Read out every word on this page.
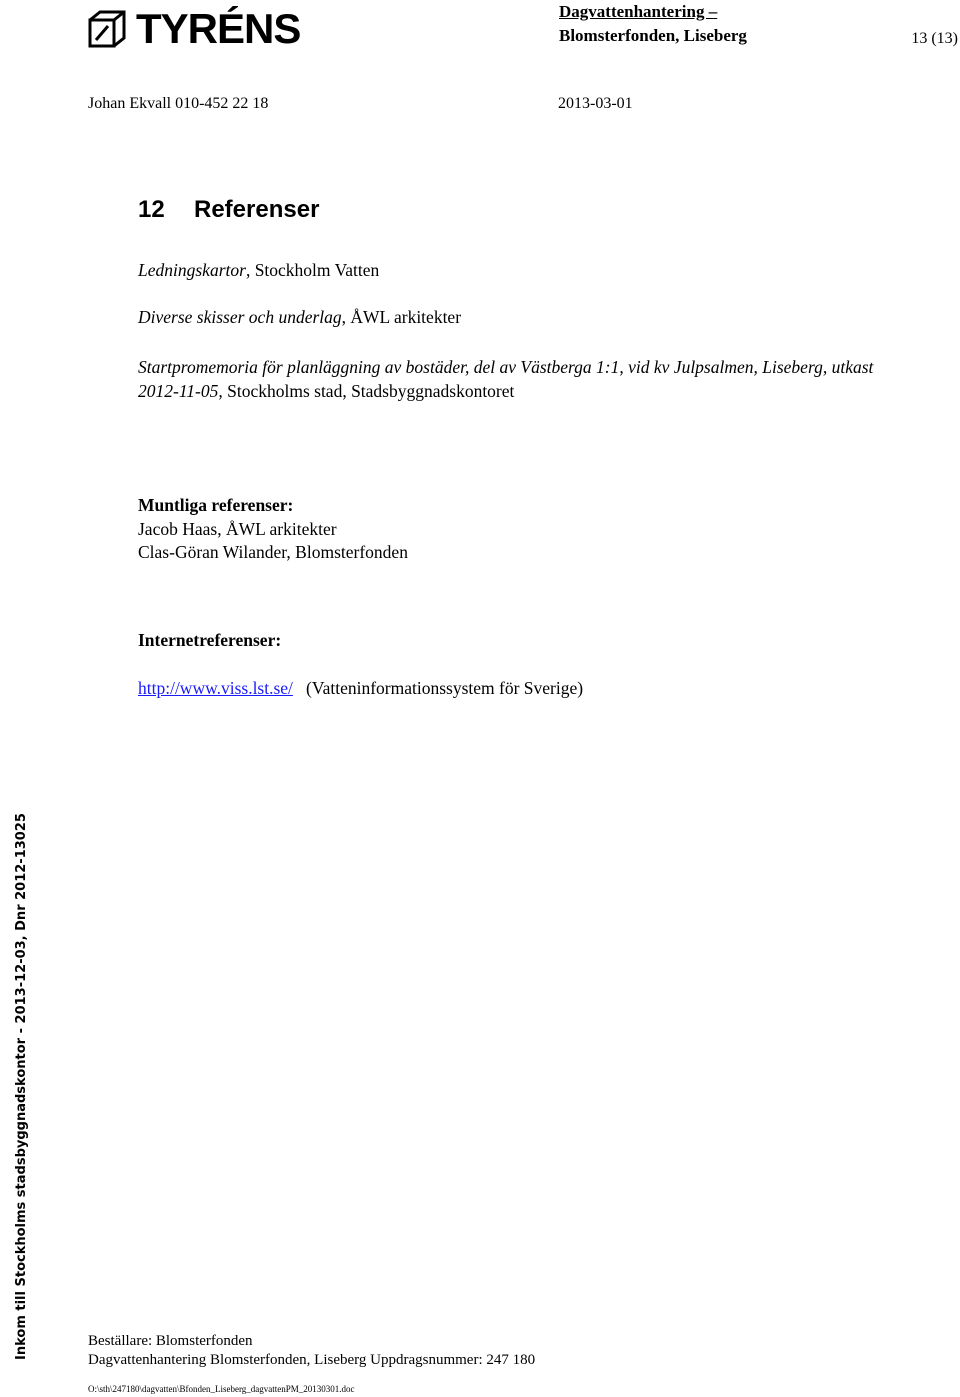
TYRÉNS	Dagvattenhantering –
Blomsterfonden, Liseberg	13 (13)
Johan Ekvall 010-452 22 18	2013-03-01
12 Referenser
Ledningskartor, Stockholm Vatten
Diverse skisser och underlag, ÅWL arkitekter
Startpromemoria för planläggning av bostäder, del av Västberga 1:1, vid kv Julpsalmen, Liseberg, utkast 2012-11-05, Stockholms stad, Stadsbyggnadskontoret
Muntliga referenser:
Jacob Haas, ÅWL arkitekter
Clas-Göran Wilander, Blomsterfonden
Internetreferenser:
http://www.viss.lst.se/ (Vatteninformationssystem för Sverige)
Inkom till Stockholms stadsbyggnadskontor - 2013-12-03, Dnr 2012-13025	Beställare: Blomsterfonden
Dagvattenhantering Blomsterfonden, Liseberg Uppdragsnummer: 247 180
O:\sth\247180\dagvatten\Bfonden_Liseberg_dagvattenPM_20130301.doc
